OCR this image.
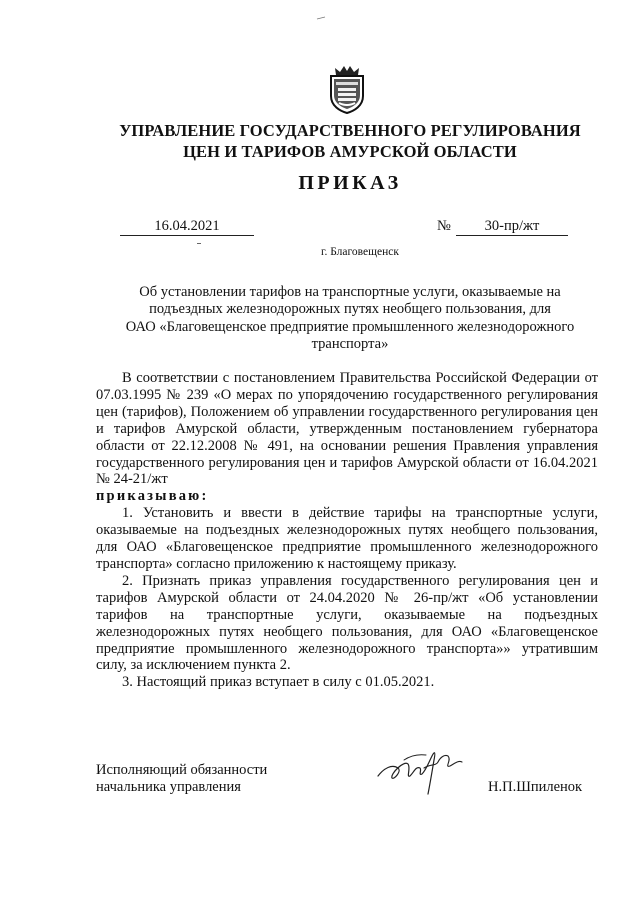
УПРАВЛЕНИЕ ГОСУДАРСТВЕННОГО РЕГУЛИРОВАНИЯ
ЦЕН И ТАРИФОВ АМУРСКОЙ ОБЛАСТИ
ПРИКАЗ
16.04.2021	№	30-пр/жт
г. Благовещенск
Об установлении тарифов на транспортные услуги, оказываемые на
подъездных железнодорожных путях необщего пользования, для
ОАО «Благовещенское предприятие промышленного железнодорожного
транспорта»

В соответствии с постановлением Правительства Российской Федерации от 07.03.1995 № 239 «О мерах по упорядочению государственного регулирования цен (тарифов), Положением об управлении государственного регулирования цен и тарифов Амурской области, утвержденным постановлением губернатора области от 22.12.2008 № 491, на основании решения Правления управления государственного регулирования цен и тарифов Амурской области от 16.04.2021 № 24-21/жт

приказываю:

1. Установить и ввести в действие тарифы на транспортные услуги, оказываемые на подъездных железнодорожных путях необщего пользования, для ОАО «Благовещенское предприятие промышленного железнодорожного транспорта» согласно приложению к настоящему приказу.

2. Признать приказ управления государственного регулирования цен и тарифов Амурской области от 24.04.2020 № 26-пр/жт «Об установлении тарифов на транспортные услуги, оказываемые на подъездных железнодорожных путях необщего пользования, для ОАО «Благовещенское предприятие промышленного железнодорожного транспорта»» утратившим силу, за исключением пункта 2.

3. Настоящий приказ вступает в силу с 01.05.2021.

Исполняющий обязанности
начальника управления	Н.П.Шпиленок
